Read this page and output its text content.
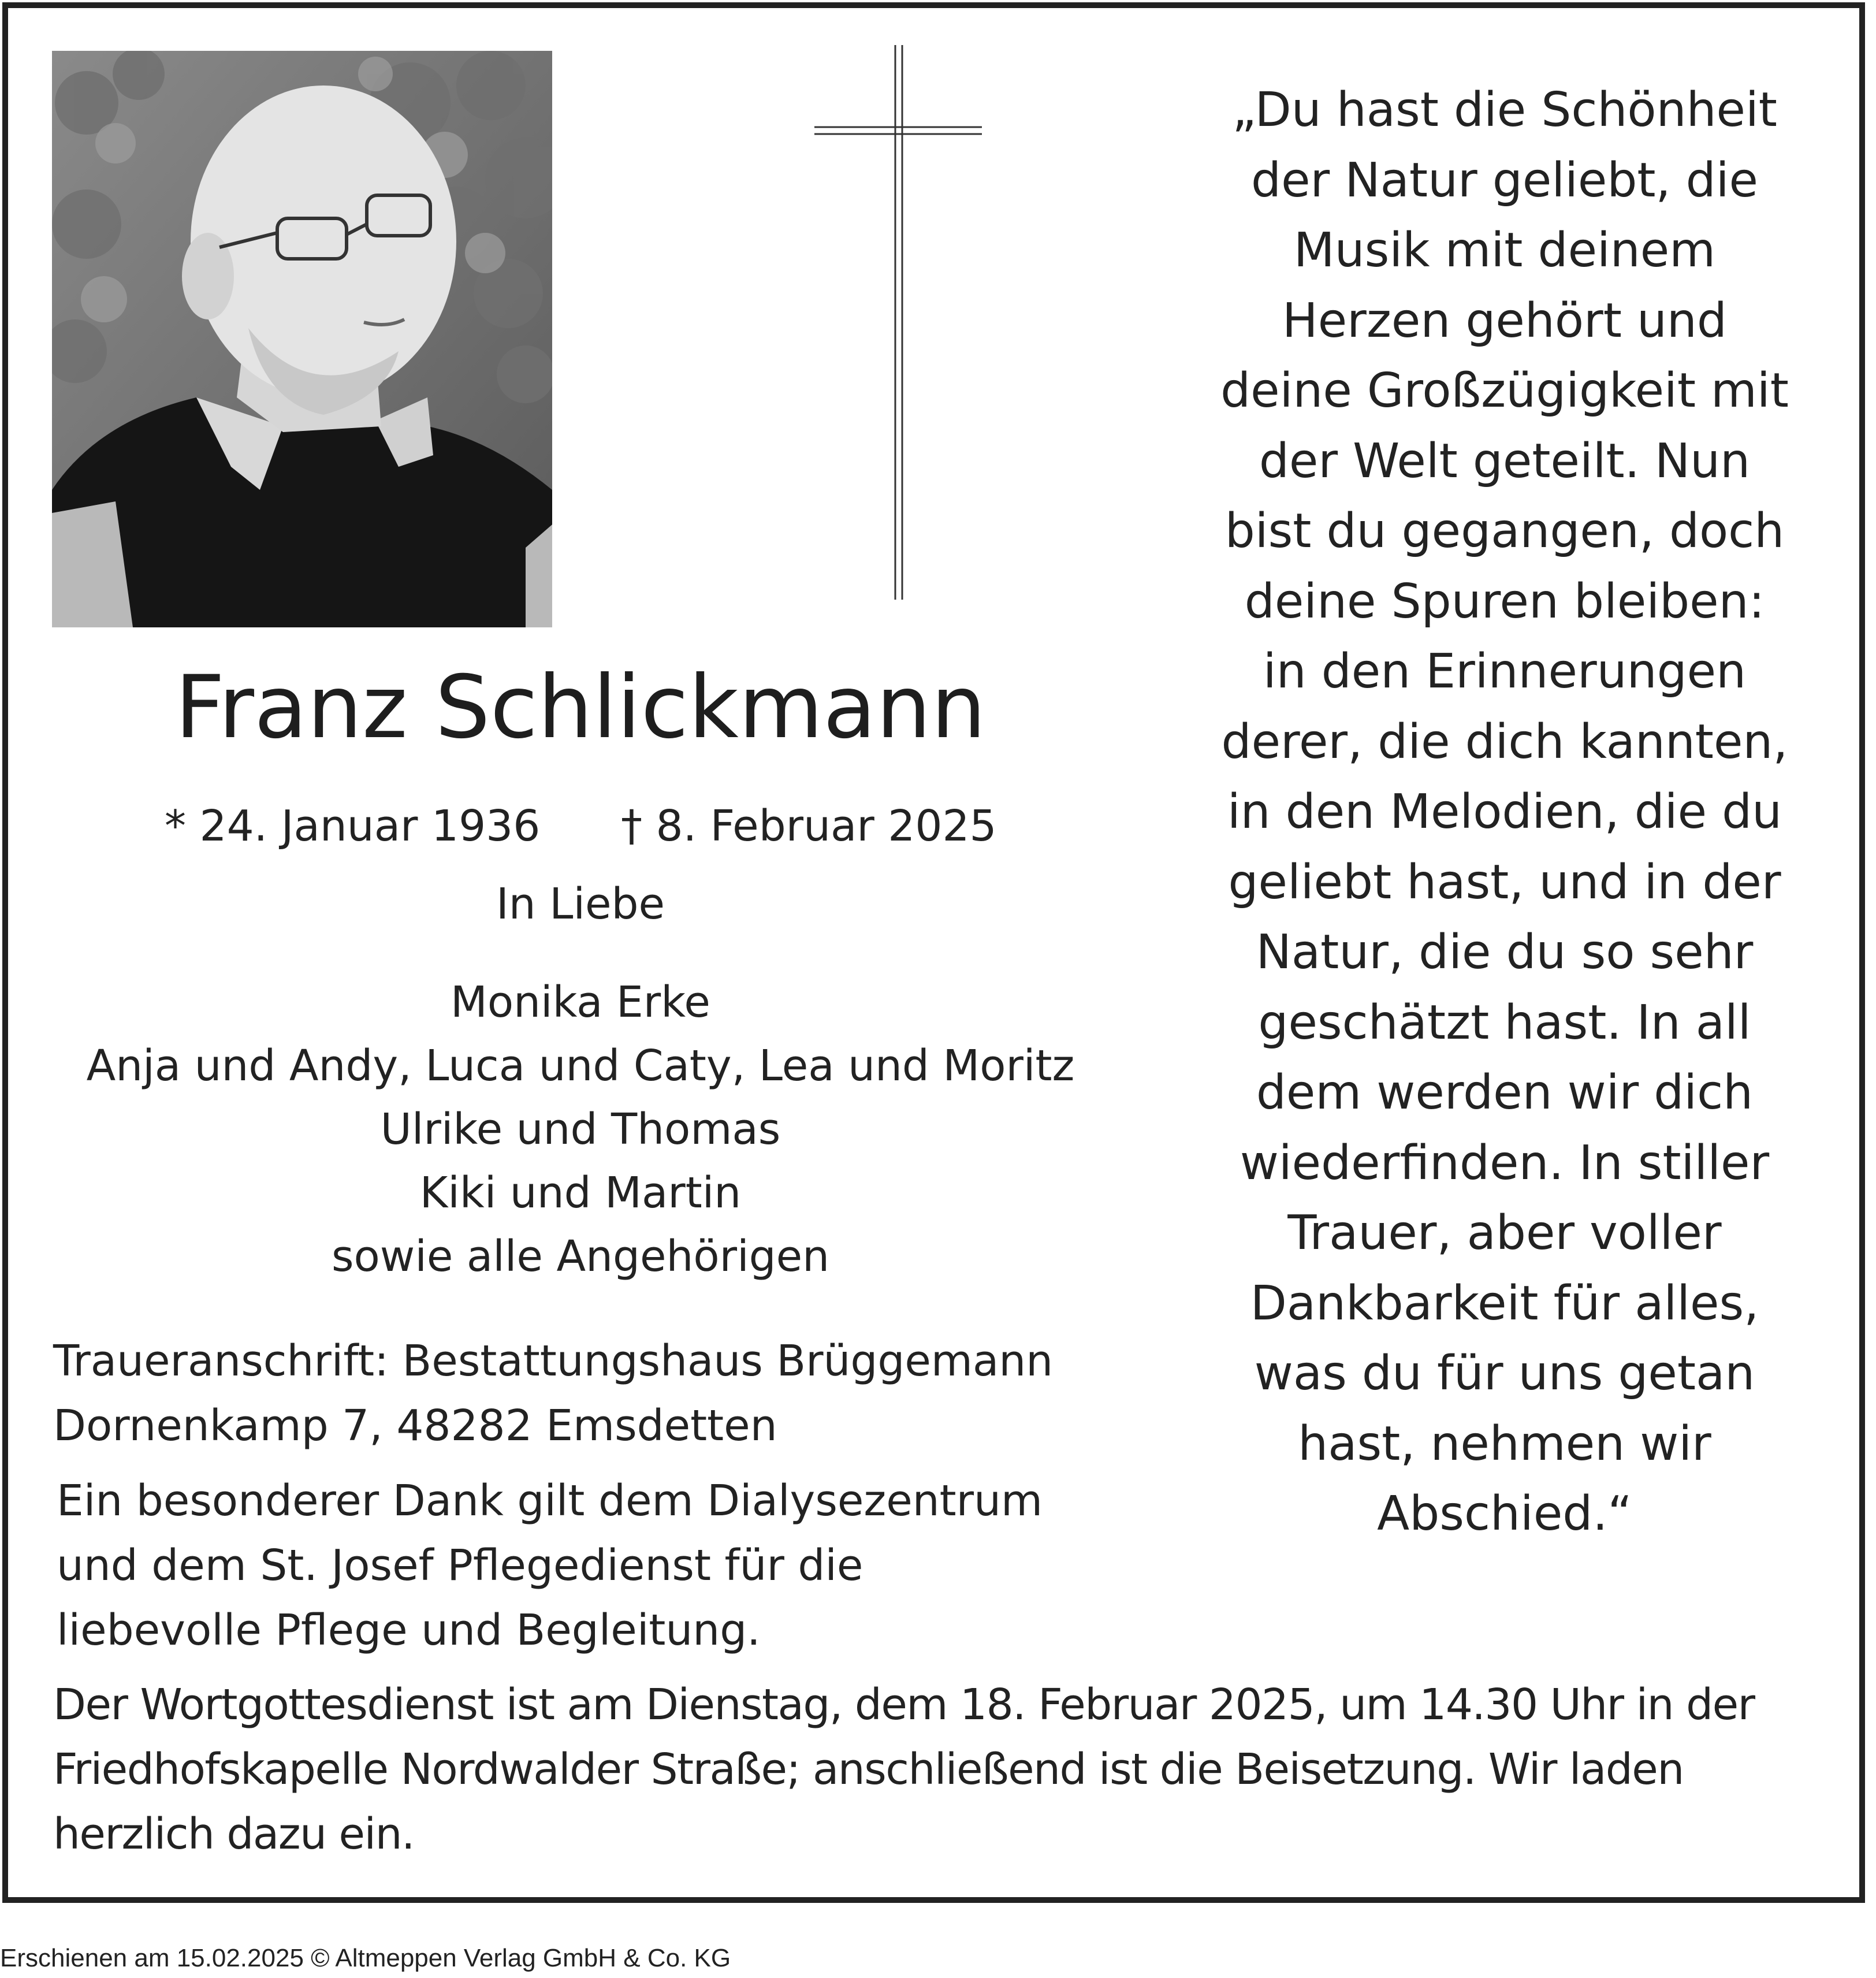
Franz Schlickmann
* 24. Januar 1936 † 8. Februar 2025
In Liebe
Monika Erke
Anja und Andy, Luca und Caty, Lea und Moritz
Ulrike und Thomas
Kiki und Martin
sowie alle Angehörigen
Traueranschrift: Bestattungshaus Brüggemann
Dornenkamp 7, 48282 Emsdetten
Ein besonderer Dank gilt dem Dialysezentrum
und dem St. Josef Pflegedienst für die
liebevolle Pflege und Begleitung.
Der Wortgottesdienst ist am Dienstag, dem 18. Februar 2025, um 14.30 Uhr in der
Friedhofskapelle Nordwalder Straße; anschließend ist die Beisetzung. Wir laden
herzlich dazu ein.
„Du hast die Schönheit
der Natur geliebt, die
Musik mit deinem
Herzen gehört und
deine Großzügigkeit mit
der Welt geteilt. Nun
bist du gegangen, doch
deine Spuren bleiben:
in den Erinnerungen
derer, die dich kannten,
in den Melodien, die du
geliebt hast, und in der
Natur, die du so sehr
geschätzt hast. In all
dem werden wir dich
wiederfinden. In stiller
Trauer, aber voller
Dankbarkeit für alles,
was du für uns getan
hast, nehmen wir
Abschied.“
Erschienen am 15.02.2025 © Altmeppen Verlag GmbH & Co. KG
